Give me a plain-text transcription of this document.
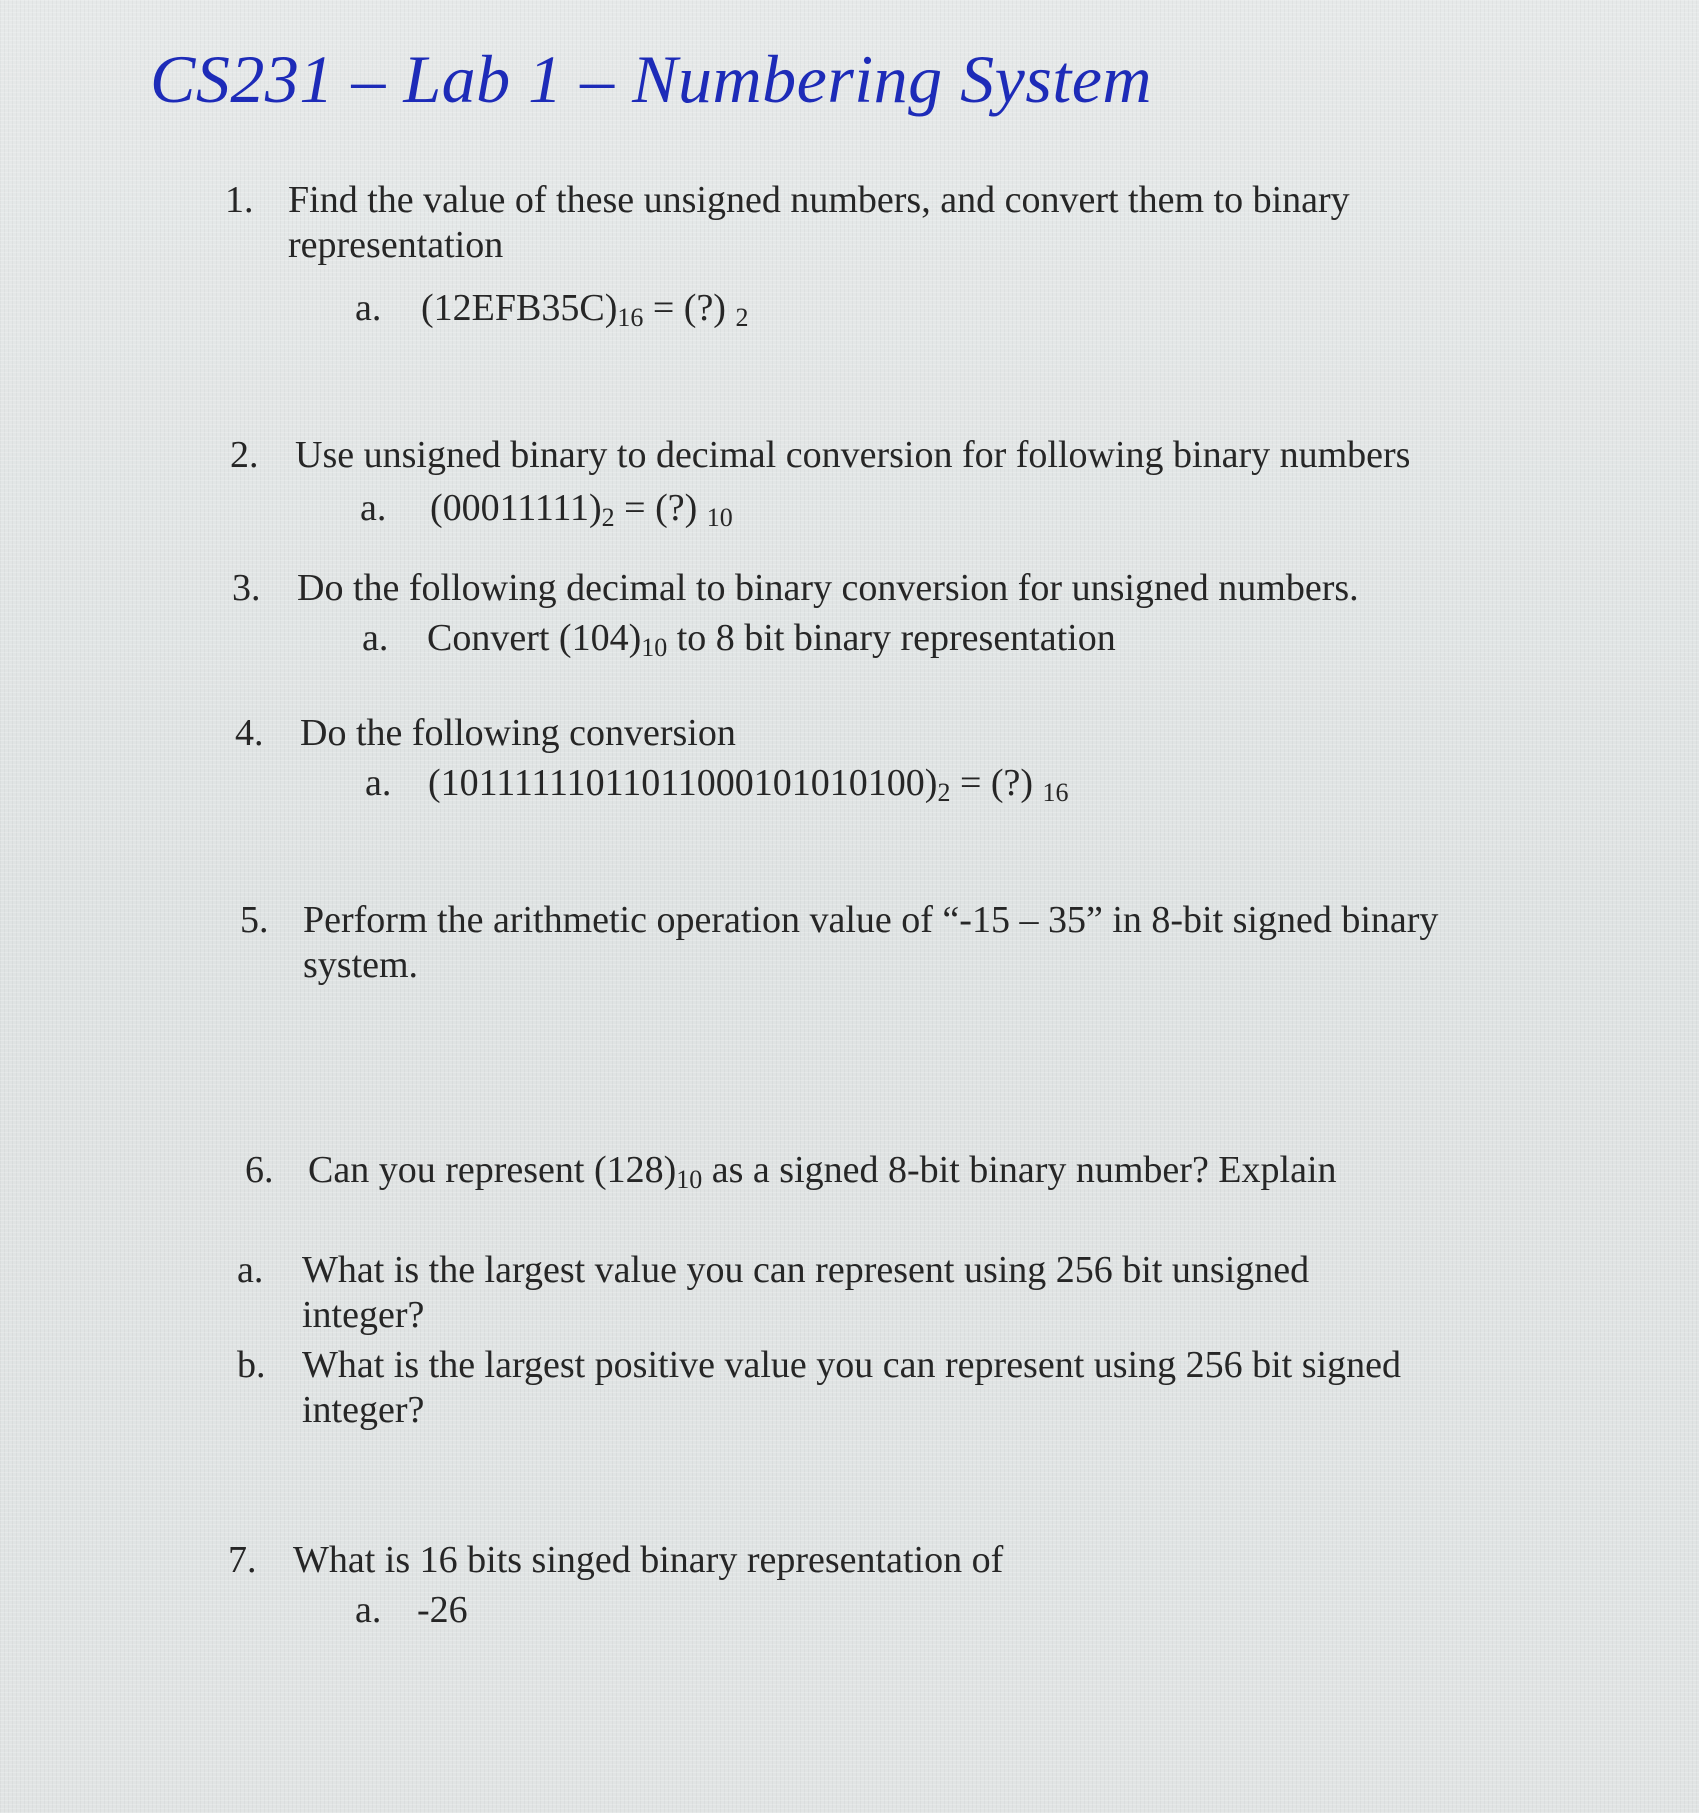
CS231 – Lab 1 – Numbering System
1. Find the value of these unsigned numbers, and convert them to binary
representation
a. $(12EFB35C)_{16}$ = (?) $_2$
2. Use unsigned binary to decimal conversion for following binary numbers
a. $(00011111)_2$ = (?) $_{10}$
3. Do the following decimal to binary conversion for unsigned numbers.
a. Convert $(104)_{10}$ to 8 bit binary representation
4. Do the following conversion
a. $(10111111011011000101010100)_2$ = (?) $_{16}$
5. Perform the arithmetic operation value of “-15 – 35” in 8-bit signed binary
system.
6. Can you represent $(128)_{10}$ as a signed 8-bit binary number? Explain
a. What is the largest value you can represent using 256 bit unsigned
integer?
b. What is the largest positive value you can represent using 256 bit signed
integer?
7. What is 16 bits singed binary representation of
a. -26
